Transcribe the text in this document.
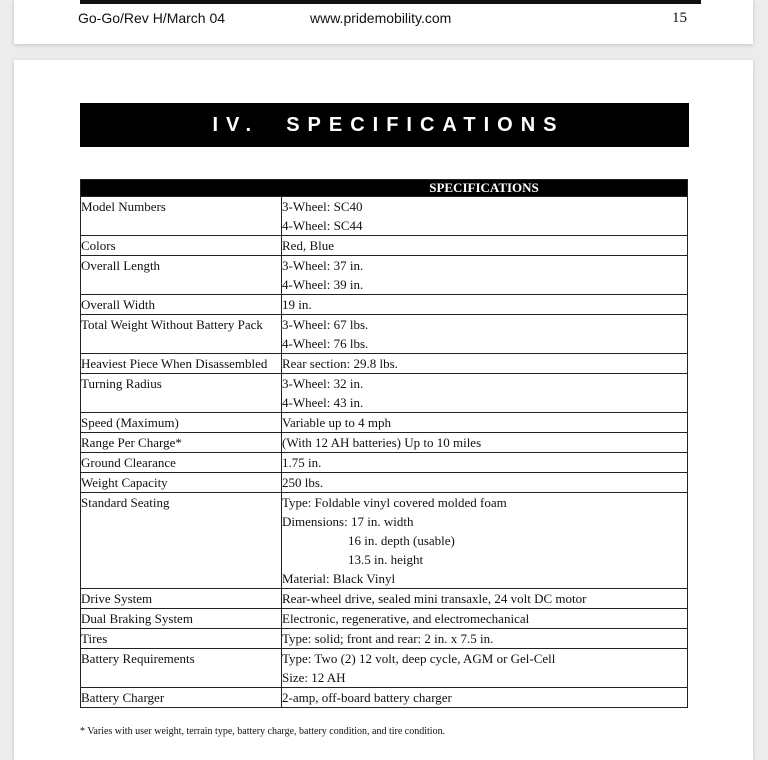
Go-Go/Rev H/March 04	www.pridemobility.com	15
IV.  SPECIFICATIONS
SPECIFICATIONS	

Model Numbers	3-Wheel: SC40
4-Wheel: SC44

Colors	Red, Blue

Overall Length	3-Wheel: 37 in.
4-Wheel: 39 in.

Overall Width	19 in.

Total Weight Without Battery Pack	3-Wheel: 67 lbs.
4-Wheel: 76 lbs.

Heaviest Piece When Disassembled	Rear section: 29.8 lbs.

Turning Radius	3-Wheel: 32 in.
4-Wheel: 43 in.

Speed (Maximum)	Variable up to 4 mph

Range Per Charge*	(With 12 AH batteries) Up to 10 miles

Ground Clearance	1.75 in.

Weight Capacity	250 lbs.

Standard Seating	Type: Foldable vinyl covered molded foam
Dimensions: 17 in. width
16 in. depth (usable)
13.5 in. height
Material: Black Vinyl

Drive System	Rear-wheel drive, sealed mini transaxle, 24 volt DC motor

Dual Braking System	Electronic, regenerative, and electromechanical

Tires	Type: solid; front and rear: 2 in. x 7.5 in.

Battery Requirements	Type: Two (2) 12 volt, deep cycle, AGM or Gel-Cell
Size: 12 AH

Battery Charger	2-amp, off-board battery charger
* Varies with user weight, terrain type, battery charge, battery condition, and tire condition.
